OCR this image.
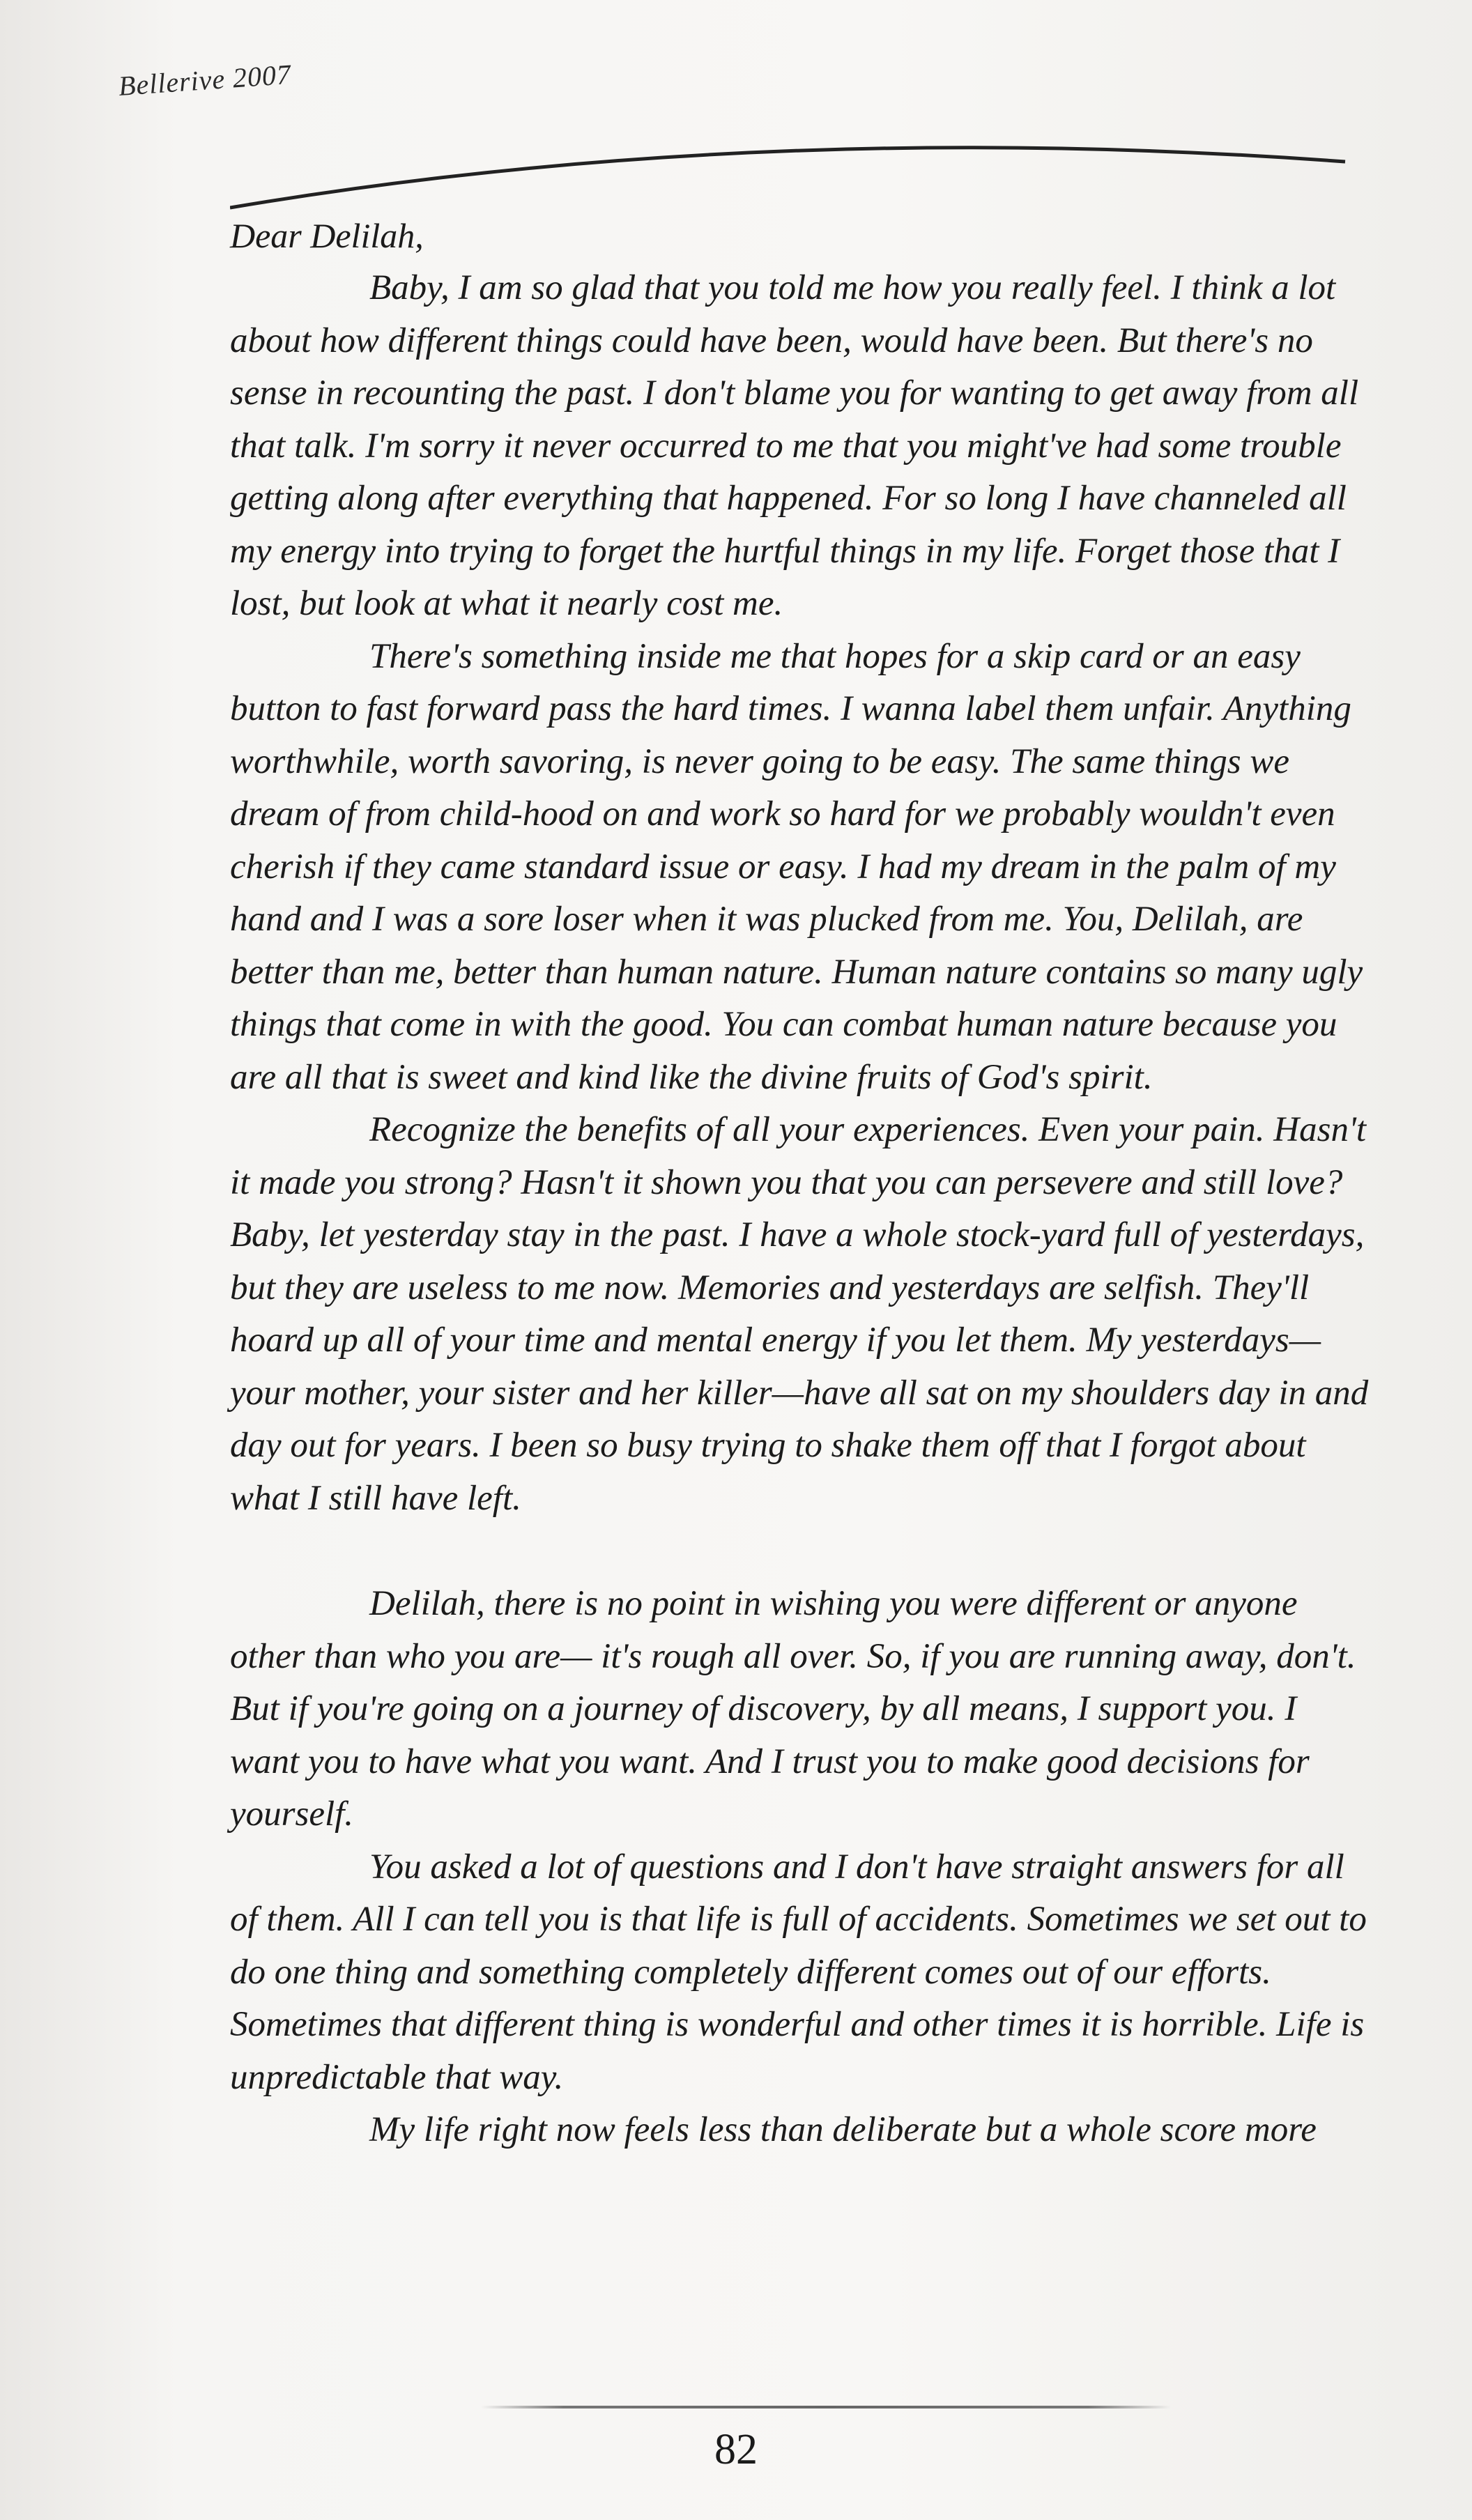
Bellerive 2007

Dear Delilah,

Baby, I am so glad that you told me how you really feel. I think a lot about how different things could have been, would have been. But there's no sense in recounting the past. I don't blame you for wanting to get away from all that talk. I'm sorry it never occurred to me that you might've had some trouble getting along after everything that happened. For so long I have channeled all my energy into trying to forget the hurtful things in my life. Forget those that I lost, but look at what it nearly cost me.

There's something inside me that hopes for a skip card or an easy button to fast forward pass the hard times. I wanna label them unfair. Anything worthwhile, worth savoring, is never going to be easy. The same things we dream of from child-hood on and work so hard for we probably wouldn't even cherish if they came standard issue or easy. I had my dream in the palm of my hand and I was a sore loser when it was plucked from me. You, Delilah, are better than me, better than human nature. Human nature contains so many ugly things that come in with the good. You can combat human nature because you are all that is sweet and kind like the divine fruits of God's spirit.

Recognize the benefits of all your experiences. Even your pain. Hasn't it made you strong? Hasn't it shown you that you can persevere and still love? Baby, let yesterday stay in the past. I have a whole stock-yard full of yesterdays, but they are useless to me now. Memories and yesterdays are selfish. They'll hoard up all of your time and mental energy if you let them. My yesterdays—your mother, your sister and her killer—have all sat on my shoulders day in and day out for years. I been so busy trying to shake them off that I forgot about what I still have left.

Delilah, there is no point in wishing you were different or anyone other than who you are— it's rough all over. So, if you are running away, don't. But if you're going on a journey of discovery, by all means, I support you. I want you to have what you want. And I trust you to make good decisions for yourself.

You asked a lot of questions and I don't have straight answers for all of them. All I can tell you is that life is full of accidents. Sometimes we set out to do one thing and something completely different comes out of our efforts. Sometimes that different thing is wonderful and other times it is horrible. Life is unpredictable that way.

My life right now feels less than deliberate but a whole score more

82
